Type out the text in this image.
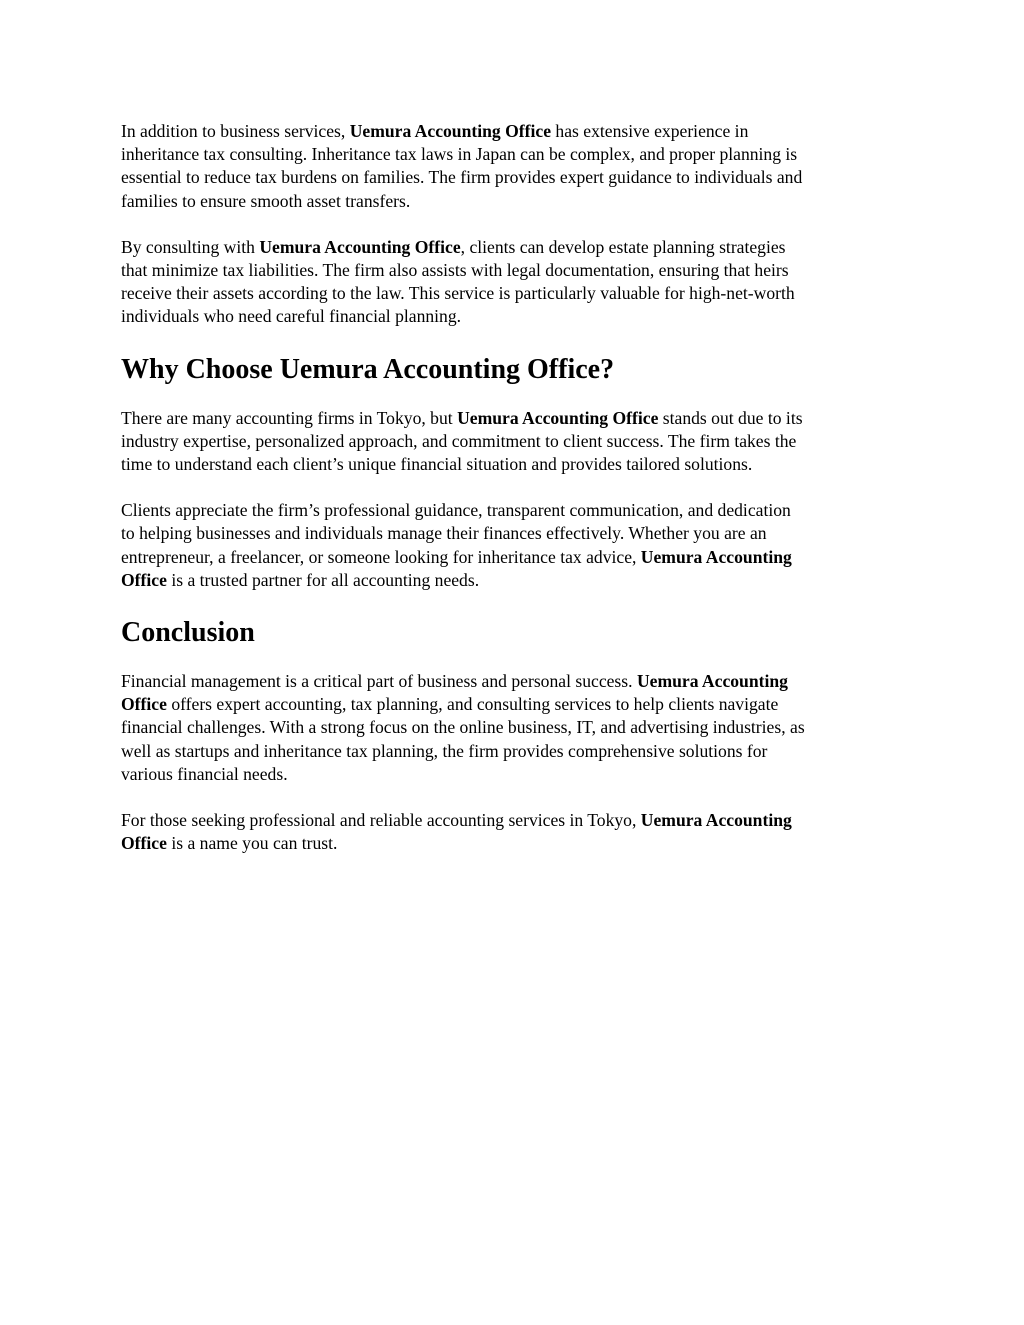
In addition to business services, Uemura Accounting Office has extensive experience in
inheritance tax consulting. Inheritance tax laws in Japan can be complex, and proper planning is
essential to reduce tax burdens on families. The firm provides expert guidance to individuals and
families to ensure smooth asset transfers.

By consulting with Uemura Accounting Office, clients can develop estate planning strategies
that minimize tax liabilities. The firm also assists with legal documentation, ensuring that heirs
receive their assets according to the law. This service is particularly valuable for high-net-worth
individuals who need careful financial planning.

Why Choose Uemura Accounting Office?

There are many accounting firms in Tokyo, but Uemura Accounting Office stands out due to its
industry expertise, personalized approach, and commitment to client success. The firm takes the
time to understand each client’s unique financial situation and provides tailored solutions.

Clients appreciate the firm’s professional guidance, transparent communication, and dedication
to helping businesses and individuals manage their finances effectively. Whether you are an
entrepreneur, a freelancer, or someone looking for inheritance tax advice, Uemura Accounting
Office is a trusted partner for all accounting needs.

Conclusion

Financial management is a critical part of business and personal success. Uemura Accounting
Office offers expert accounting, tax planning, and consulting services to help clients navigate
financial challenges. With a strong focus on the online business, IT, and advertising industries, as
well as startups and inheritance tax planning, the firm provides comprehensive solutions for
various financial needs.

For those seeking professional and reliable accounting services in Tokyo, Uemura Accounting
Office is a name you can trust.
